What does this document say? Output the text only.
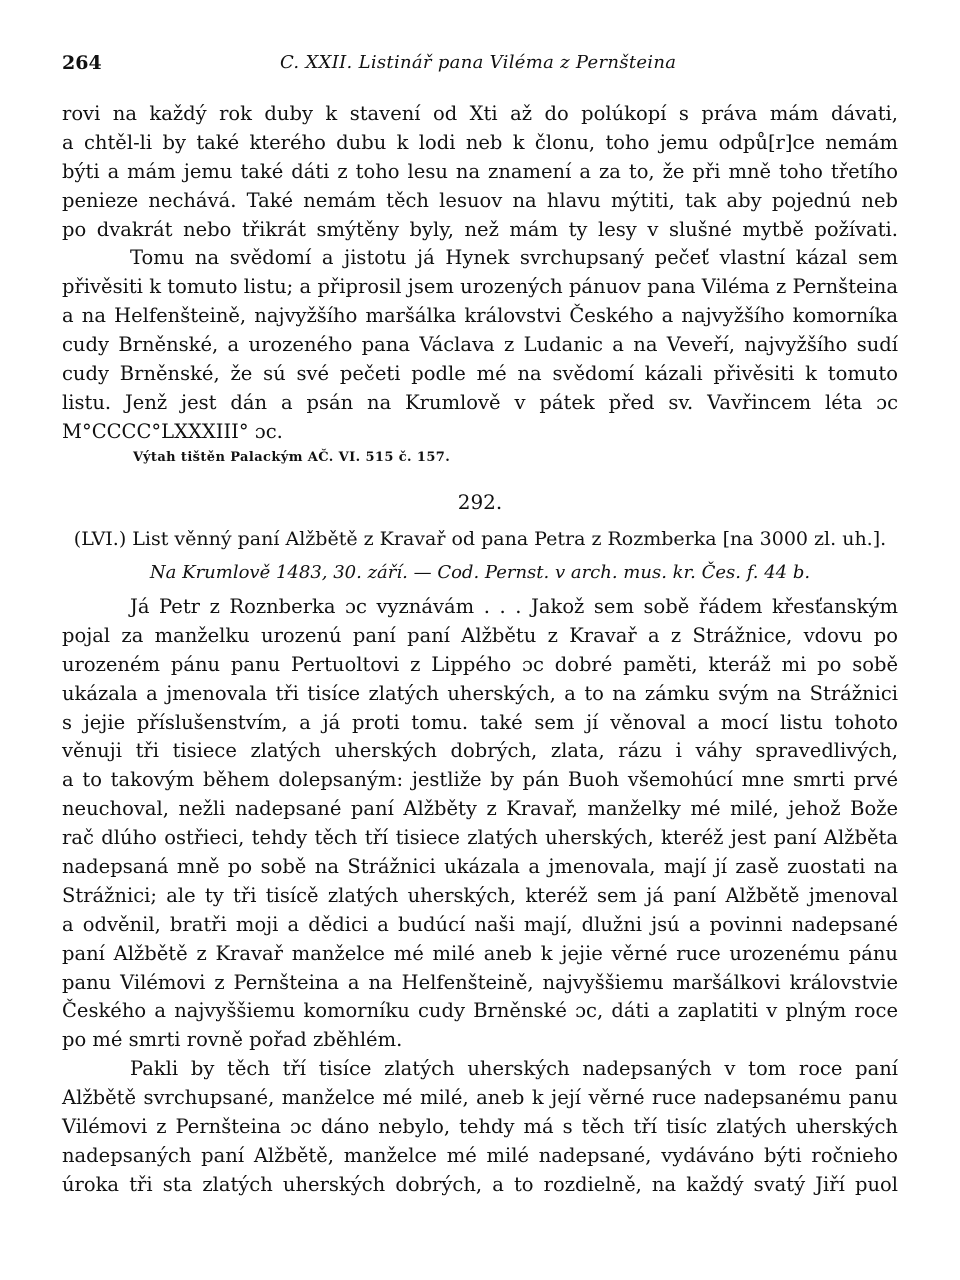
264	C. XXII. Listinář pana Viléma z Pernšteina
rovi na každý rok duby k stavení od Xti až do polúkopí s práva mám dávati,
a chtěl-li by také kterého dubu k lodi neb k člonu, toho jemu odpů[r]ce nemám
býti a mám jemu také dáti z toho lesu na znamení a za to, že při mně toho třetího
penieze nechává. Také nemám těch lesuov na hlavu mýtiti, tak aby pojednú neb
po dvakrát nebo třikrát smýtěny byly, než mám ty lesy v slušné mytbě požívati.
Tomu na svědomí a jistotu já Hynek svrchupsaný pečeť vlastní kázal sem
přivěsiti k tomuto listu; a připrosil jsem urozených pánuov pana Viléma z Pernšteina
a na Helfenšteině, najvyžšího maršálka královstvi Českého a najvyžšího komorníka
cudy Brněnské, a urozeného pana Václava z Ludanic a na Veveří, najvyžšího sudí
cudy Brněnské, že sú své pečeti podle mé na svědomí kázali přivěsiti k tomuto
listu. Jenž jest dán a psán na Krumlově v pátek před sv. Vavřincem léta ɔc
M°CCCC°LXXXIII° ɔc.
Výtah tištěn Palackým AČ. VI. 515 č. 157.
292.
(LVI.) List věnný paní Alžbětě z Kravař od pana Petra z Rozmberka [na 3000 zl. uh.].
Na Krumlově 1483, 30. září. — Cod. Pernst. v arch. mus. kr. Čes. f. 44 b.
Já Petr z Roznberka ɔc vyznávám . . . Jakož sem sobě řádem křesťanským
pojal za manželku urozenú paní paní Alžbětu z Kravař a z Strážnice, vdovu po
urozeném pánu panu Pertuoltovi z Lippého ɔc dobré paměti, kteráž mi po sobě
ukázala a jmenovala tři tisíce zlatých uherských, a to na zámku svým na Strážnici
s jejie příslušenstvím, a já proti tomu. také sem jí věnoval a mocí listu tohoto
věnuji tři tisiece zlatých uherských dobrých, zlata, rázu i váhy spravedlivých,
a to takovým během dolepsaným: jestliže by pán Buoh všemohúcí mne smrti prvé
neuchoval, nežli nadepsané paní Alžběty z Kravař, manželky mé milé, jehož Bože
rač dlúho ostřieci, tehdy těch tří tisiece zlatých uherských, kteréž jest paní Alžběta
nadepsaná mně po sobě na Strážnici ukázala a jmenovala, mají jí zasě zuostati na
Strážnici; ale ty tři tisícě zlatých uherských, kteréž sem já paní Alžbětě jmenoval
a odvěnil, bratři moji a dědici a budúcí naši mají, dlužni jsú a povinni nadepsané
paní Alžbětě z Kravař manželce mé milé aneb k jejie věrné ruce urozenému pánu
panu Vilémovi z Pernšteina a na Helfenšteině, najvyššiemu maršálkovi královstvie
Českého a najvyššiemu komorníku cudy Brněnské ɔc, dáti a zaplatiti v plným roce
po mé smrti rovně pořad zběhlém.
Pakli by těch tří tisíce zlatých uherských nadepsaných v tom roce paní
Alžbětě svrchupsané, manželce mé milé, aneb k její věrné ruce nadepsanému panu
Vilémovi z Pernšteina ɔc dáno nebylo, tehdy má s těch tří tisíc zlatých uherských
nadepsaných paní Alžbětě, manželce mé milé nadepsané, vydáváno býti ročnieho
úroka tři sta zlatých uherských dobrých, a to rozdielně, na každý svatý Jiří puol
